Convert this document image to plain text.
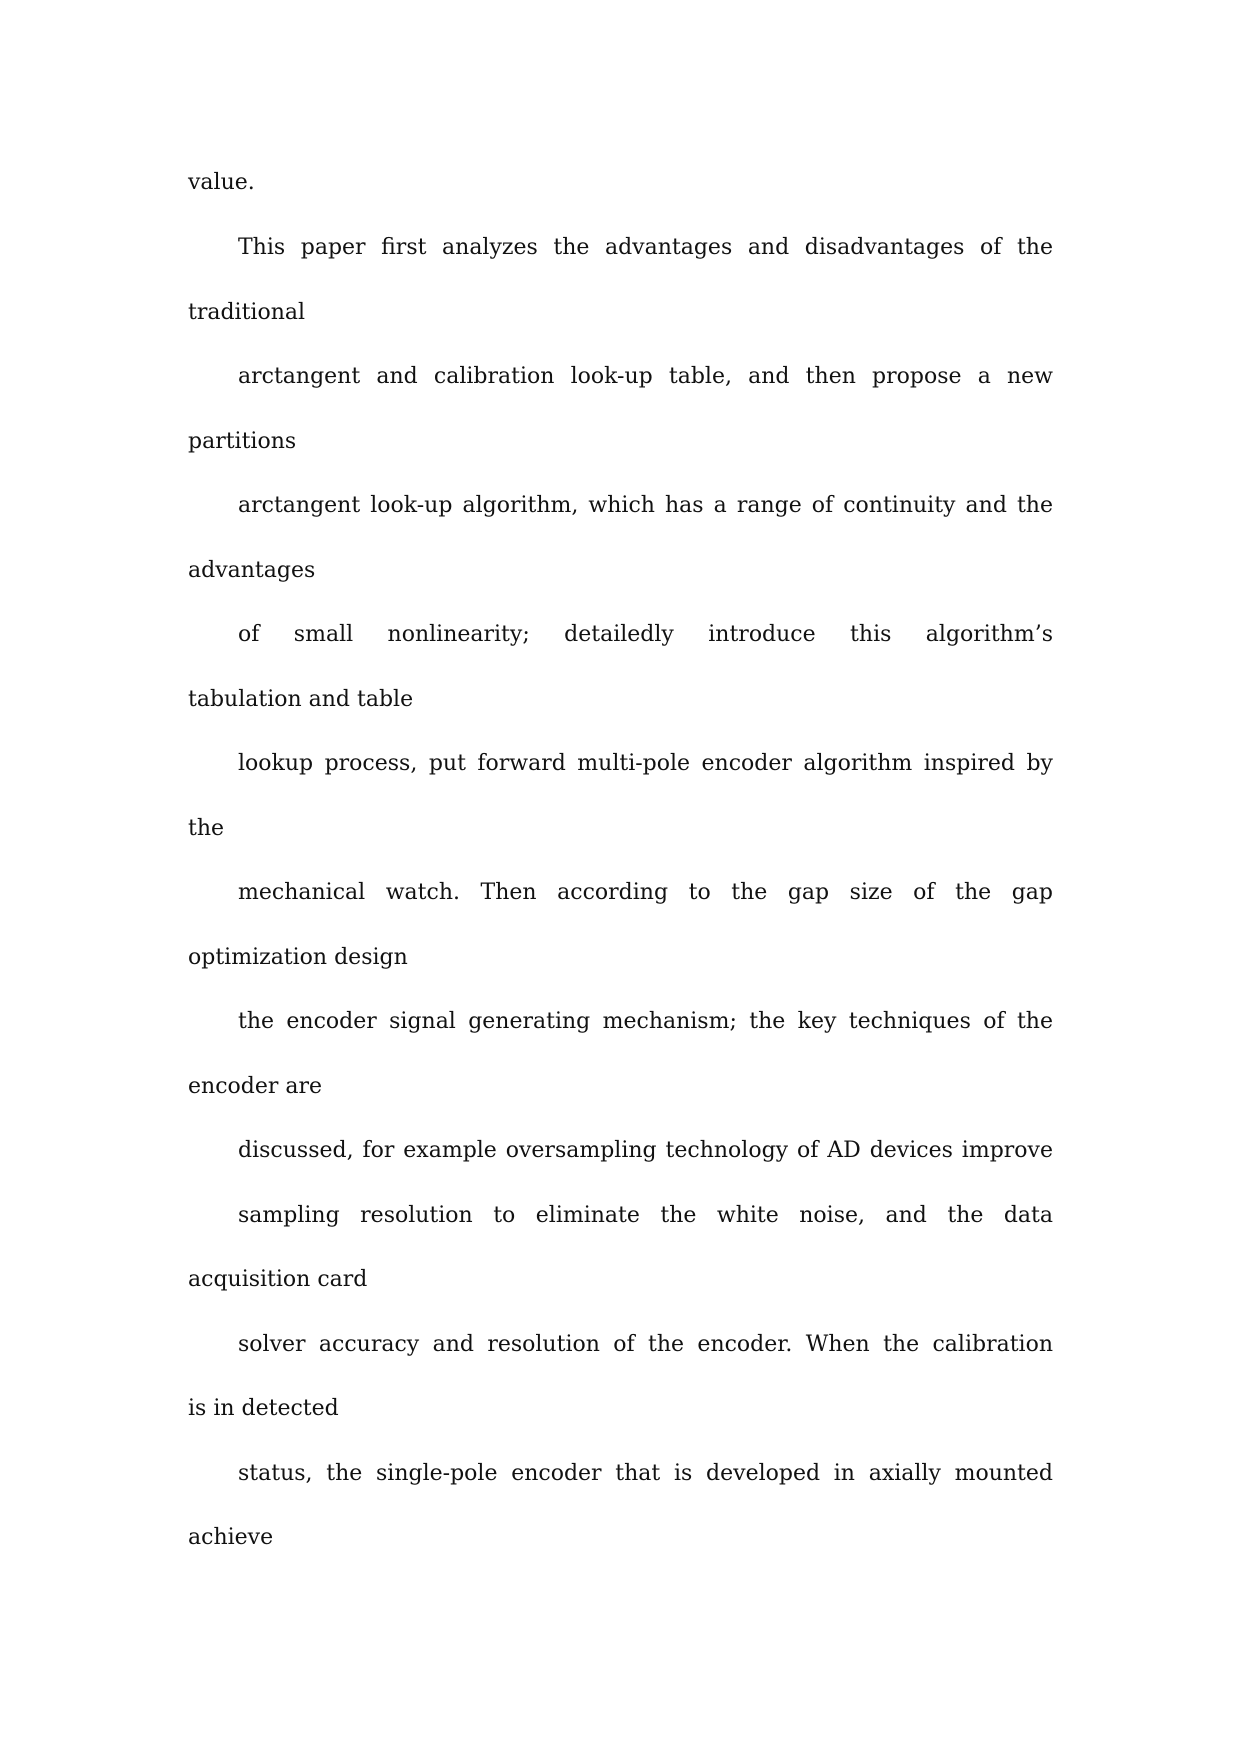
value.
This paper first analyzes the advantages and disadvantages of the
traditional
arctangent and calibration look-up table, and then propose a new
partitions
arctangent look-up algorithm, which has a range of continuity and the
advantages
of small nonlinearity; detailedly introduce this algorithm’s
tabulation and table
lookup process, put forward multi-pole encoder algorithm inspired by
the
mechanical watch. Then according to the gap size of the gap
optimization design
the encoder signal generating mechanism; the key techniques of the
encoder are
discussed, for example oversampling technology of AD devices improve
sampling resolution to eliminate the white noise, and the data
acquisition card
solver accuracy and resolution of the encoder. When the calibration
is in detected
status, the single-pole encoder that is developed in axially mounted
achieve
